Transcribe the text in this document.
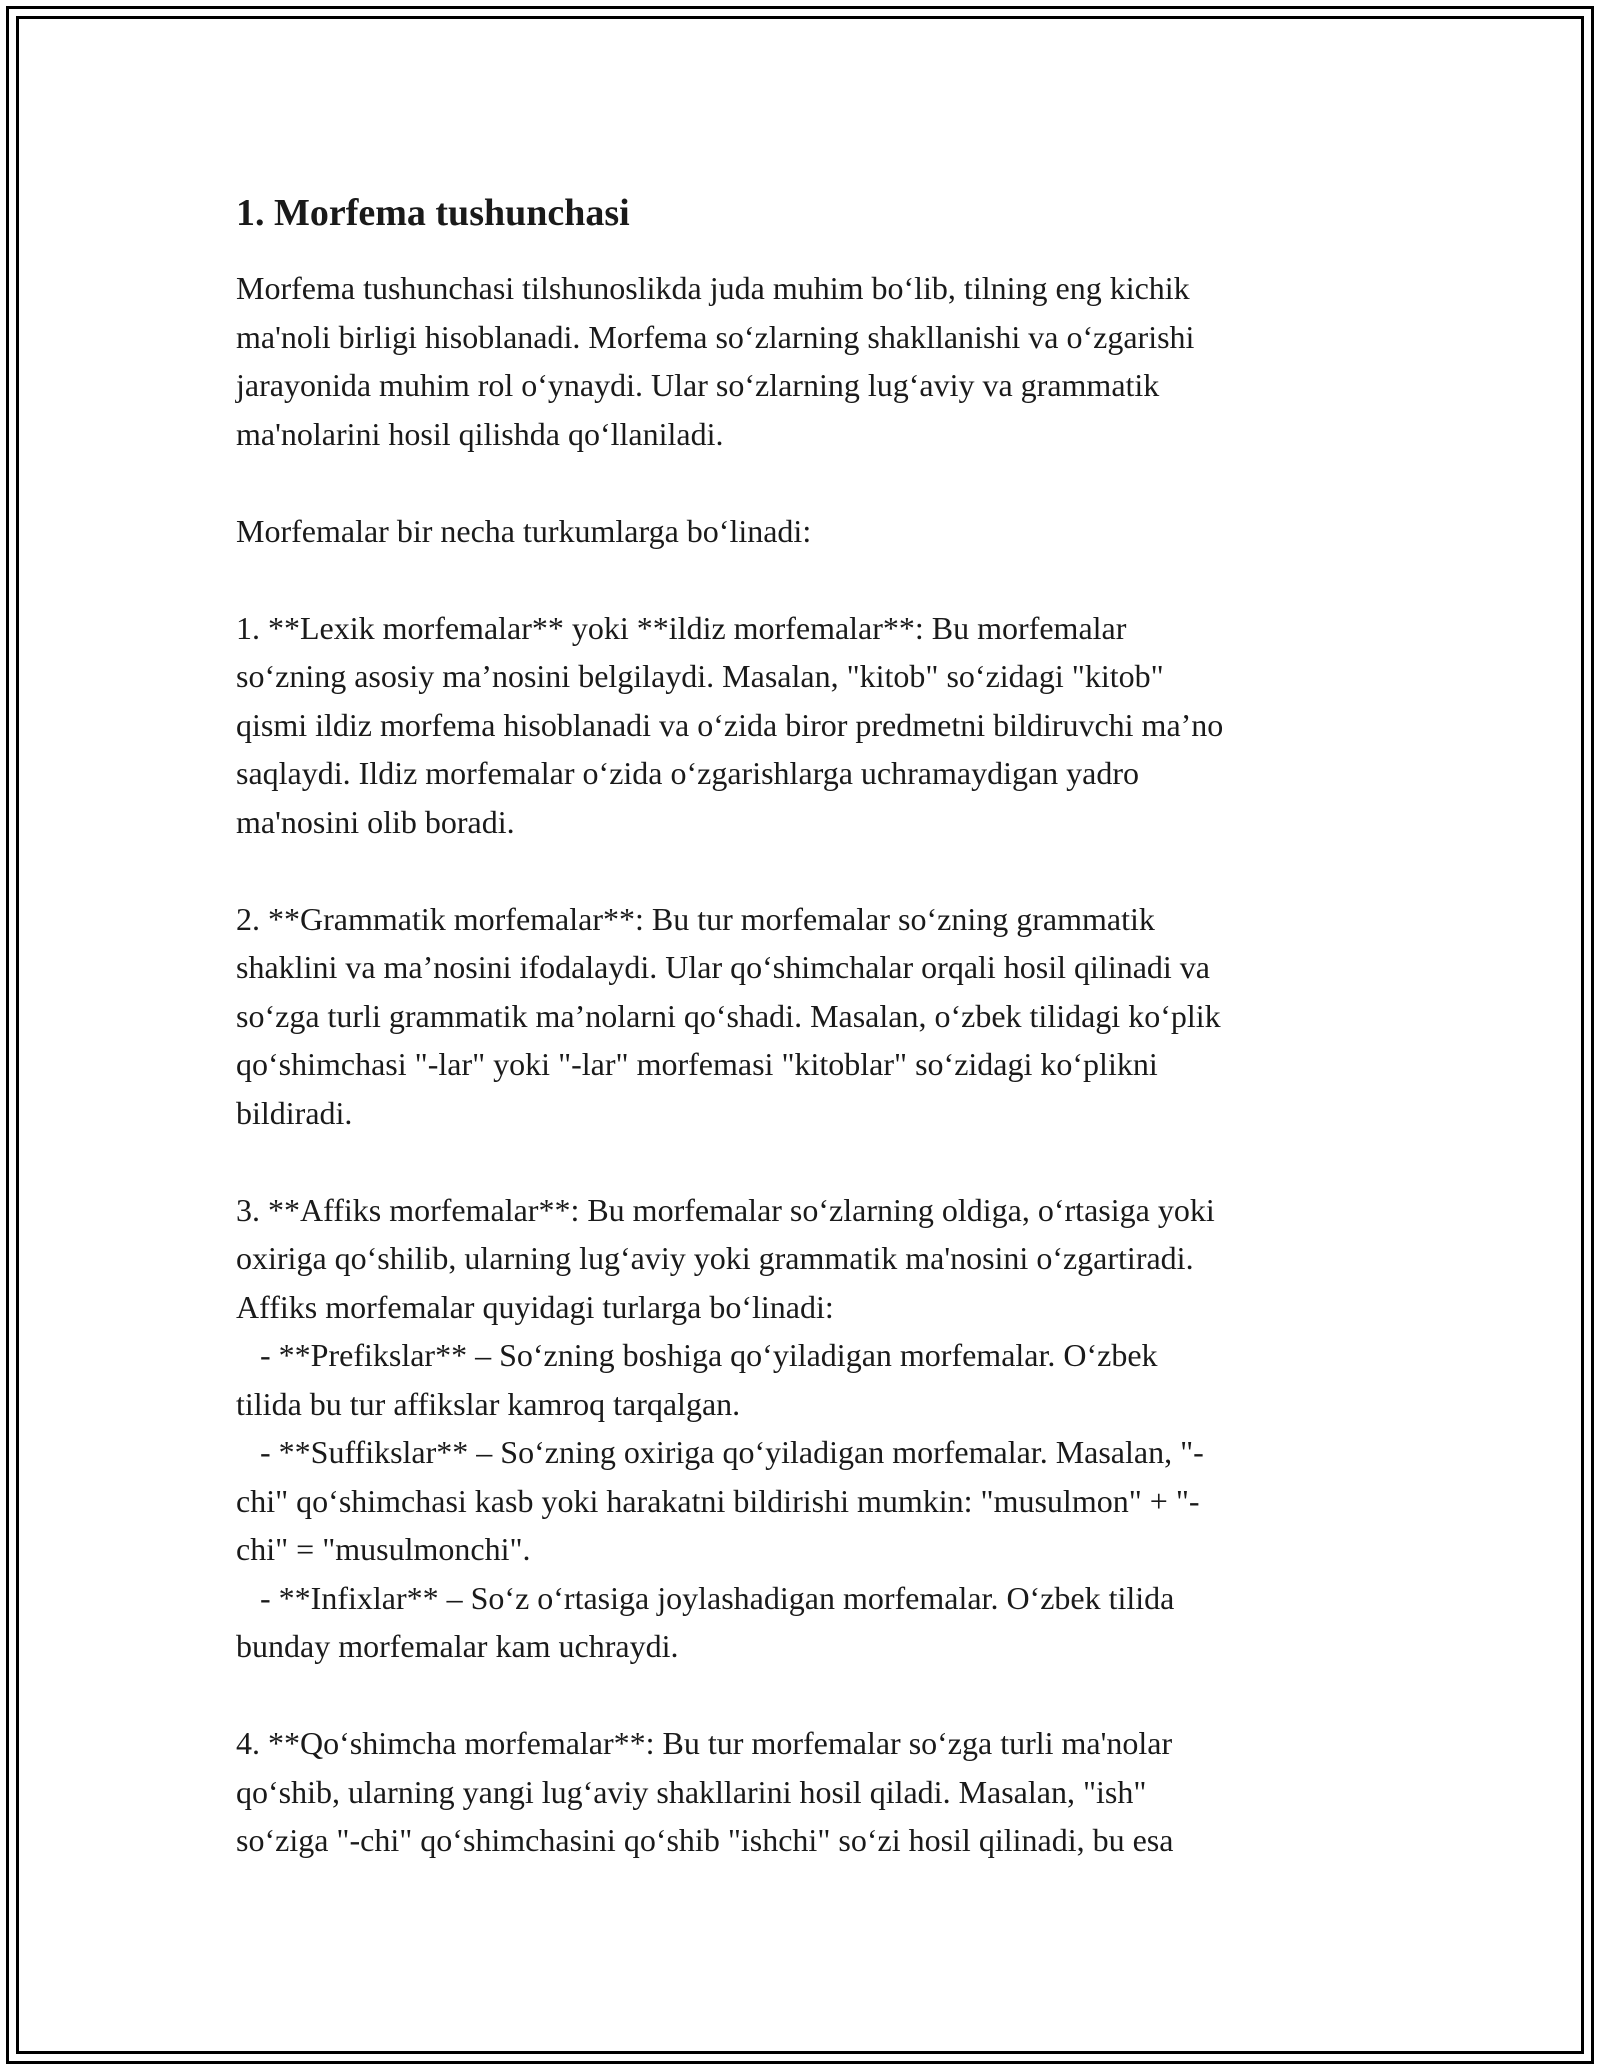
1. Morfema tushunchasi
Morfema tushunchasi tilshunoslikda juda muhim bo‘lib, tilning eng kichik
ma'noli birligi hisoblanadi. Morfema so‘zlarning shakllanishi va o‘zgarishi
jarayonida muhim rol o‘ynaydi. Ular so‘zlarning lug‘aviy va grammatik
ma'nolarini hosil qilishda qo‘llaniladi.
Morfemalar bir necha turkumlarga bo‘linadi:
1. **Lexik morfemalar** yoki **ildiz morfemalar**: Bu morfemalar
so‘zning asosiy ma’nosini belgilaydi. Masalan, "kitob" so‘zidagi "kitob"
qismi ildiz morfema hisoblanadi va o‘zida biror predmetni bildiruvchi ma’no
saqlaydi. Ildiz morfemalar o‘zida o‘zgarishlarga uchramaydigan yadro
ma'nosini olib boradi.
2. **Grammatik morfemalar**: Bu tur morfemalar so‘zning grammatik
shaklini va ma’nosini ifodalaydi. Ular qo‘shimchalar orqali hosil qilinadi va
so‘zga turli grammatik ma’nolarni qo‘shadi. Masalan, o‘zbek tilidagi ko‘plik
qo‘shimchasi "-lar" yoki "-lar" morfemasi "kitoblar" so‘zidagi ko‘plikni
bildiradi.
3. **Affiks morfemalar**: Bu morfemalar so‘zlarning oldiga, o‘rtasiga yoki
oxiriga qo‘shilib, ularning lug‘aviy yoki grammatik ma'nosini o‘zgartiradi.
Affiks morfemalar quyidagi turlarga bo‘linadi:
- **Prefikslar** – So‘zning boshiga qo‘yiladigan morfemalar. O‘zbek
tilida bu tur affikslar kamroq tarqalgan.
- **Suffikslar** – So‘zning oxiriga qo‘yiladigan morfemalar. Masalan, "-
chi" qo‘shimchasi kasb yoki harakatni bildirishi mumkin: "musulmon" + "-
chi" = "musulmonchi".
- **Infixlar** – So‘z o‘rtasiga joylashadigan morfemalar. O‘zbek tilida
bunday morfemalar kam uchraydi.
4. **Qo‘shimcha morfemalar**: Bu tur morfemalar so‘zga turli ma'nolar
qo‘shib, ularning yangi lug‘aviy shakllarini hosil qiladi. Masalan, "ish"
so‘ziga "-chi" qo‘shimchasini qo‘shib "ishchi" so‘zi hosil qilinadi, bu esa
